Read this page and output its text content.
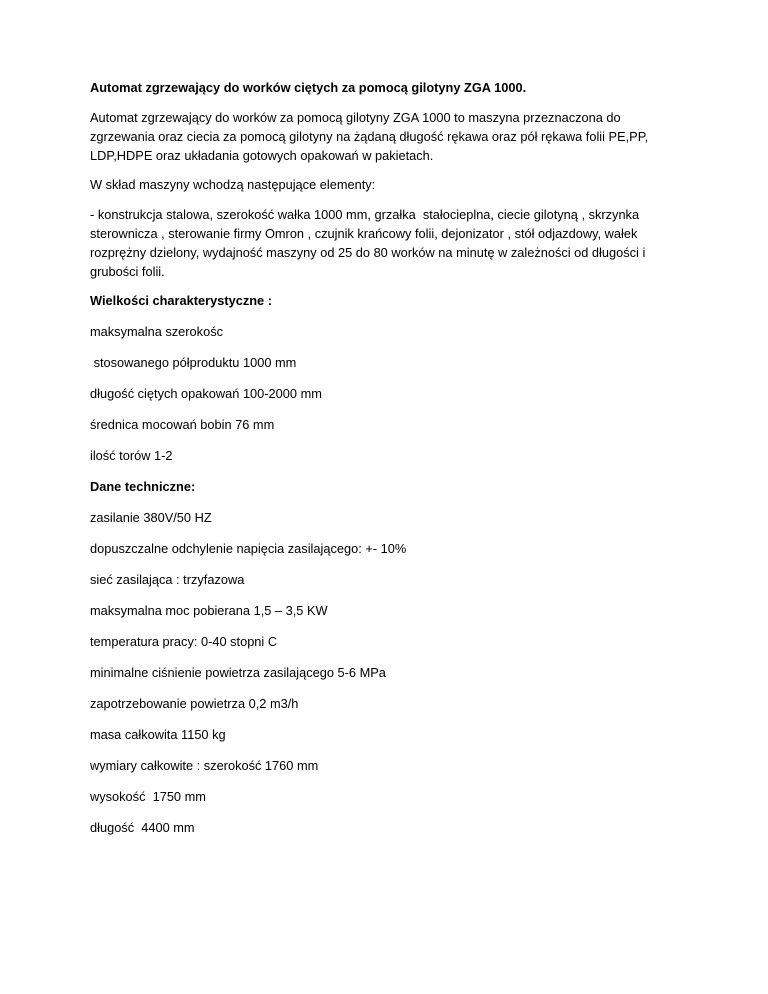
Automat zgrzewający do worków ciętych za pomocą gilotyny ZGA 1000.
Automat zgrzewający do worków za pomocą gilotyny ZGA 1000 to maszyna przeznaczona do
zgrzewania oraz ciecia za pomocą gilotyny na żądaną długość rękawa oraz pół rękawa folii PE,PP,
LDP,HDPE oraz układania gotowych opakowań w pakietach.
W skład maszyny wchodzą następujące elementy:
- konstrukcja stalowa, szerokość wałka 1000 mm, grzałka  stałocieplna, ciecie gilotyną , skrzynka
sterownicza , sterowanie firmy Omron , czujnik krańcowy folii, dejonizator , stół odjazdowy, wałek
rozprężny dzielony, wydajność maszyny od 25 do 80 worków na minutę w zależności od długości i
grubości folii.
Wielkości charakterystyczne :
maksymalna szerokośc
stosowanego półproduktu 1000 mm
długość ciętych opakowań 100-2000 mm
średnica mocowań bobin 76 mm
ilość torów 1-2
Dane techniczne:
zasilanie 380V/50 HZ
dopuszczalne odchylenie napięcia zasilającego: +- 10%
sieć zasilająca : trzyfazowa
maksymalna moc pobierana 1,5 – 3,5 KW
temperatura pracy: 0-40 stopni C
minimalne ciśnienie powietrza zasilającego 5-6 MPa
zapotrzebowanie powietrza 0,2 m3/h
masa całkowita 1150 kg
wymiary całkowite : szerokość 1760 mm
wysokość  1750 mm
długość  4400 mm
